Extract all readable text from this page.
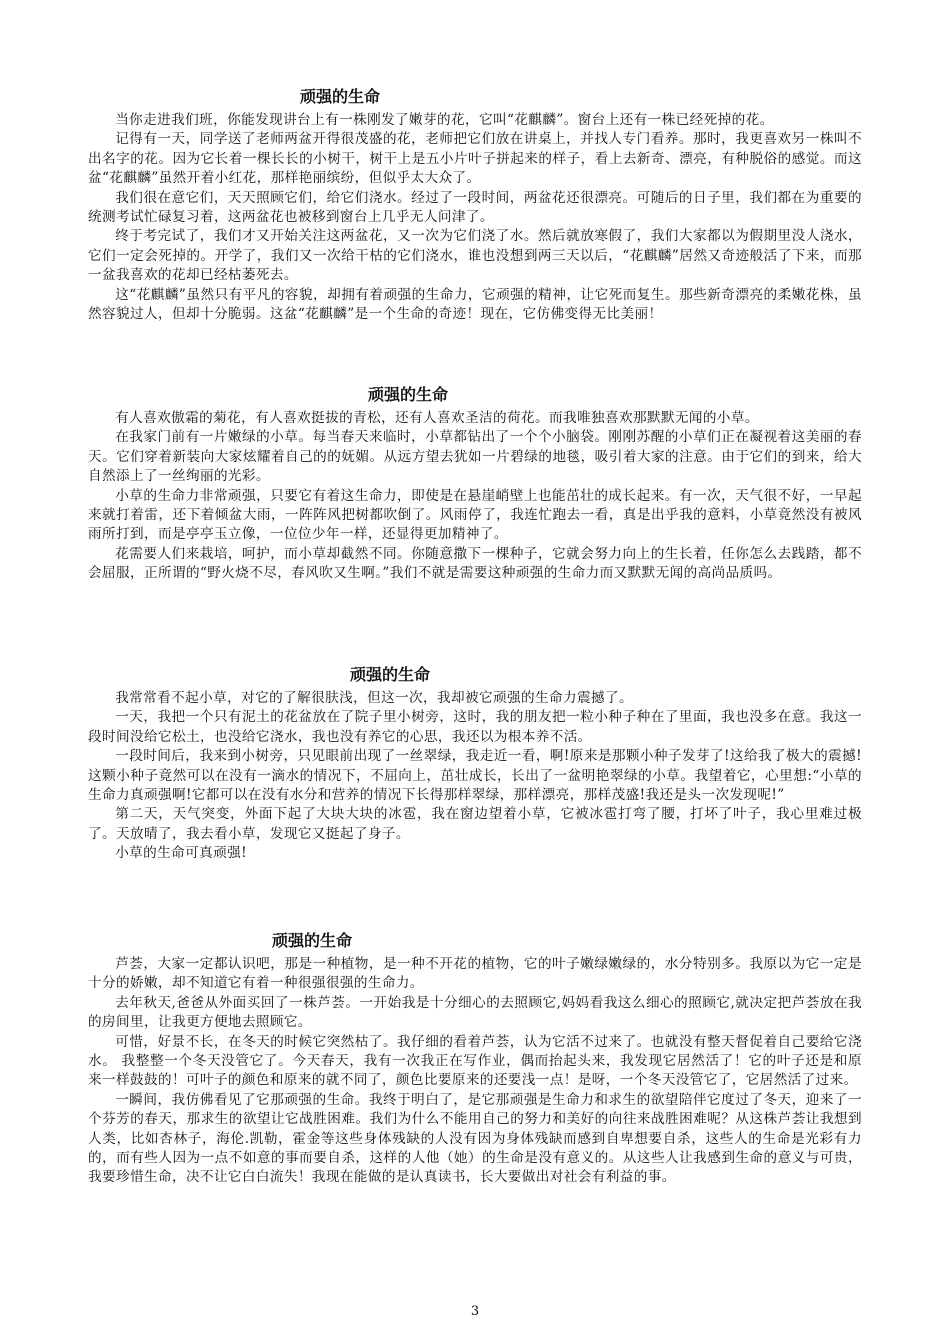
顽强的生命

当你走进我们班，你能发现讲台上有一株刚发了嫩芽的花，它叫“花麒麟”。窗台上还有一株已经死掉的花。

记得有一天，同学送了老师两盆开得很茂盛的花，老师把它们放在讲桌上，并找人专门看养。那时，我更喜欢另一株叫不出名字的花。因为它长着一棵长长的小树干，树干上是五小片叶子拼起来的样子，看上去新奇、漂亮，有种脱俗的感觉。而这盆“花麒麟”虽然开着小红花，那样艳丽缤纷，但似乎太大众了。

我们很在意它们，天天照顾它们，给它们浇水。经过了一段时间，两盆花还很漂亮。可随后的日子里，我们都在为重要的统测考试忙碌复习着，这两盆花也被移到窗台上几乎无人问津了。

终于考完试了，我们才又开始关注这两盆花，又一次为它们浇了水。然后就放寒假了，我们大家都以为假期里没人浇水，它们一定会死掉的。开学了，我们又一次给干枯的它们浇水，谁也没想到两三天以后，“花麒麟”居然又奇迹般活了下来，而那一盆我喜欢的花却已经枯萎死去。

这“花麒麟”虽然只有平凡的容貌，却拥有着顽强的生命力，它顽强的精神，让它死而复生。那些新奇漂亮的柔嫩花株，虽然容貌过人，但却十分脆弱。这盆“花麒麟”是一个生命的奇迹！现在，它仿佛变得无比美丽！

顽强的生命

有人喜欢傲霜的菊花，有人喜欢挺拔的青松，还有人喜欢圣洁的荷花。而我唯独喜欢那默默无闻的小草。

在我家门前有一片嫩绿的小草。每当春天来临时，小草都钻出了一个个小脑袋。刚刚苏醒的小草们正在凝视着这美丽的春天。它们穿着新装向大家炫耀着自己的的妩媚。从远方望去犹如一片碧绿的地毯，吸引着大家的注意。由于它们的到来，给大自然添上了一丝绚丽的光彩。

小草的生命力非常顽强，只要它有着这生命力，即使是在悬崖峭壁上也能茁壮的成长起来。有一次，天气很不好，一早起来就打着雷，还下着倾盆大雨，一阵阵风把树都吹倒了。风雨停了，我连忙跑去一看，真是出乎我的意料，小草竟然没有被风雨所打到，而是亭亭玉立像，一位位少年一样，还显得更加精神了。

花需要人们来栽培，呵护，而小草却截然不同。你随意撒下一棵种子，它就会努力向上的生长着，任你怎么去践踏，都不会屈服，正所谓的“野火烧不尽，春风吹又生啊。”我们不就是需要这种顽强的生命力而又默默无闻的高尚品质吗。

顽强的生命

我常常看不起小草，对它的了解很肤浅，但这一次，我却被它顽强的生命力震撼了。

一天，我把一个只有泥土的花盆放在了院子里小树旁，这时，我的朋友把一粒小种子种在了里面，我也没多在意。我这一段时间没给它松土，也没给它浇水，我也没有养它的心思，我还以为根本养不活。

一段时间后，我来到小树旁，只见眼前出现了一丝翠绿，我走近一看，啊!原来是那颗小种子发芽了!这给我了极大的震撼!这颗小种子竟然可以在没有一滴水的情况下，不屈向上，茁壮成长，长出了一盆明艳翠绿的小草。我望着它，心里想:“小草的生命力真顽强啊!它都可以在没有水分和营养的情况下长得那样翠绿，那样漂亮，那样茂盛!我还是头一次发现呢!”

第二天，天气突变，外面下起了大块大块的冰雹，我在窗边望着小草，它被冰雹打弯了腰，打坏了叶子，我心里难过极了。天放晴了，我去看小草，发现它又挺起了身子。

小草的生命可真顽强!

顽强的生命

芦荟，大家一定都认识吧，那是一种植物，是一种不开花的植物，它的叶子嫩绿嫩绿的，水分特别多。我原以为它一定是十分的娇嫩，却不知道它有着一种很强很强的生命力。

去年秋天,爸爸从外面买回了一株芦荟。一开始我是十分细心的去照顾它,妈妈看我这么细心的照顾它,就决定把芦荟放在我的房间里，让我更方便地去照顾它。

可惜，好景不长，在冬天的时候它突然枯了。我仔细的看着芦荟，认为它活不过来了。也就没有整天督促着自己要给它浇水。 我整整一个冬天没管它了。今天春天，我有一次我正在写作业，偶而抬起头来，我发现它居然活了！它的叶子还是和原来一样鼓鼓的！可叶子的颜色和原来的就不同了，颜色比要原来的还要浅一点！是呀，一个冬天没管它了，它居然活了过来。

一瞬间，我仿佛看见了它那顽强的生命。我终于明白了，是它那顽强是生命力和求生的欲望陪伴它度过了冬天，迎来了一个芬芳的春天，那求生的欲望让它战胜困难。我们为什么不能用自己的努力和美好的向往来战胜困难呢？从这株芦荟让我想到人类，比如杏林子，海伦.凯勒，霍金等这些身体残缺的人没有因为身体残缺而感到自卑想要自杀，这些人的生命是光彩有力的，而有些人因为一点不如意的事而要自杀，这样的人他（她）的生命是没有意义的。从这些人让我感到生命的意义与可贵，我要珍惜生命，决不让它白白流失！我现在能做的是认真读书，长大要做出对社会有利益的事。

3
